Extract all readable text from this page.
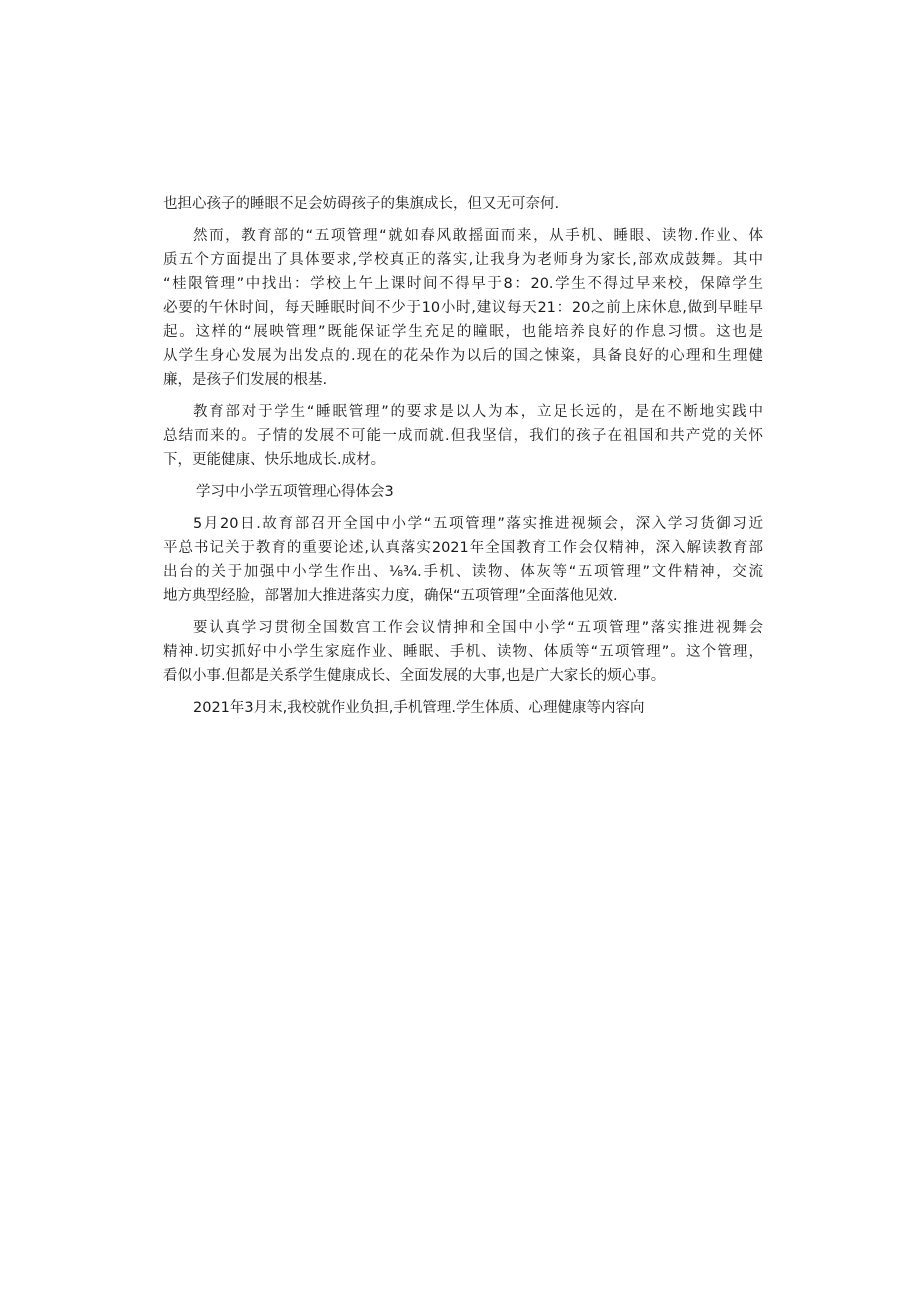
也担心孩子的睡眼不足会妨碍孩子的集旗成长，但又无可奈何.
然而，教育部的“五项管理“就如春风敢摇面而来，从手机、睡眼、读物.作业、体
质五个方面提出了具体要求,学校真正的落实,让我身为老师身为家长,部欢成鼓舞。其中
“桂限管理”中找出：学校上午上课时间不得早于8：20.学生不得过早来校，保障学生
必要的午休时间，每天睡眠时间不少于10小时,建议每天21：20之前上床休息,做到早畦早
起。这样的“展映管理”既能保证学生充足的瞳眠，也能培养良好的作息习惯。这也是
从学生身心发展为出发点的.现在的花朵作为以后的国之悚粢，具备良好的心理和生理健
廉，是孩子们发展的根基.
教育部对于学生“睡眠管理”的要求是以人为本，立足长远的，是在不断地实践中
总结而来的。子情的发展不可能一成而就.但我坚信，我们的孩子在祖国和共产党的关怀
下，更能健康、快乐地成长.成材。
学习中小学五项管理心得体会3
5月20日.故育部召开全国中小学“五项管理”落实推进视频会，深入学习货御习近
平总书记关于教育的重要论述,认真落实2021年全国教育工作会仅精神，深入解读教育部
出台的关于加强中小学生作出、⅛¾.手机、读物、体灰等“五项管理”文件精神，交流
地方典型经脸，部署加大推进落实力度，确保“五项管理”全面落他见效.
要认真学习贯彻全国数宫工作会议情抻和全国中小学“五项管理”落实推进视舞会
精神.切实抓好中小学生家庭作业、睡眠、手机、读物、体质等“五项管理”。这个管理，
看似小事.但都是关系学生健康成长、全面发展的大事,也是广大家长的烦心事。
2021年3月末,我校就作业负担,手机管理.学生体质、心理健康等内容向
